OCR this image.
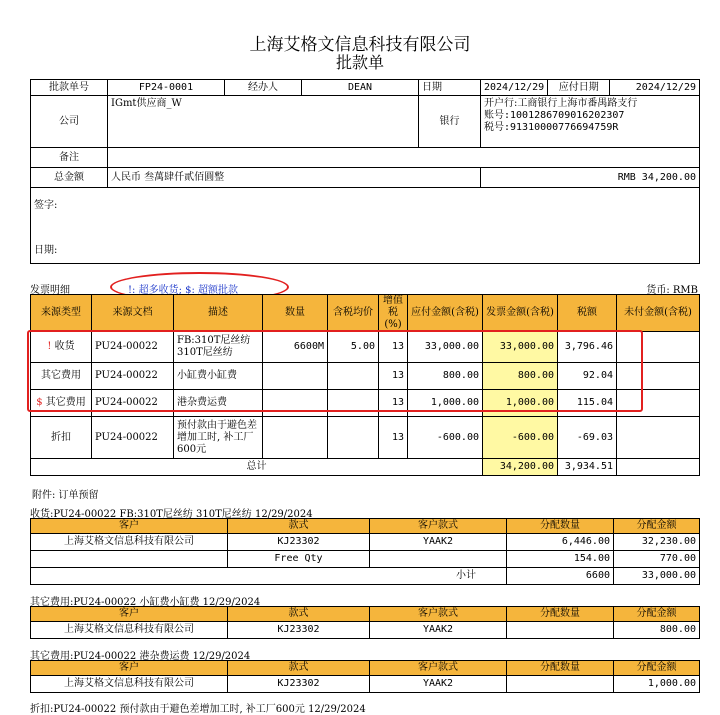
上海艾格文信息科技有限公司
批款单
批款单号	FP24-0001	经办人	DEAN	日期	2024/12/29	应付日期	2024/12/29
公司	IGmt供应商_W			银行	开户行:工商银行上海市番禺路支行
账号:1001286709016202307
税号:91310000776694759R		

备注							
总金额	人民币 叁萬肆仟貳佰圓整				RMB 34,200.00		

签字:
日期:							
发票明细	!: 超多收货; $: 超额批款	货币: RMB
来源类型	来源文档	描述	数量	含税均价	增值税(%)	应付金额(含税)	发票金额(含税)	税额	未付金额(含税)
! 收货	PU24-00022	FB:310T尼丝纺 310T尼丝纺	6600M	5.00	13	33,000.00	33,000.00	3,796.46	
其它费用	PU24-00022	小缸费小缸费			13	800.00	800.00	92.04	
$ 其它费用	PU24-00022	港杂费运费			13	1,000.00	1,000.00	115.04	
折扣	PU24-00022	预付款由于避色差增加工时, 补工厂600元			13	-600.00	-600.00	-69.03	
总计							34,200.00	3,934.51	
附件: 订单预留
收货:PU24-00022 FB:310T尼丝纺 310T尼丝纺 12/29/2024
客户	款式	客户款式	分配数量	分配金额
上海艾格文信息科技有限公司	KJ23302	YAAK2	6,446.00	32,230.00
	Free Qty		154.00	770.00
小计			6600	33,000.00
其它费用:PU24-00022 小缸费小缸费 12/29/2024
客户	款式	客户款式	分配数量	分配金额
上海艾格文信息科技有限公司	KJ23302	YAAK2		800.00
其它费用:PU24-00022 港杂费运费 12/29/2024
客户	款式	客户款式	分配数量	分配金额
上海艾格文信息科技有限公司	KJ23302	YAAK2		1,000.00
折扣:PU24-00022 预付款由于避色差增加工时, 补工厂600元 12/29/2024
